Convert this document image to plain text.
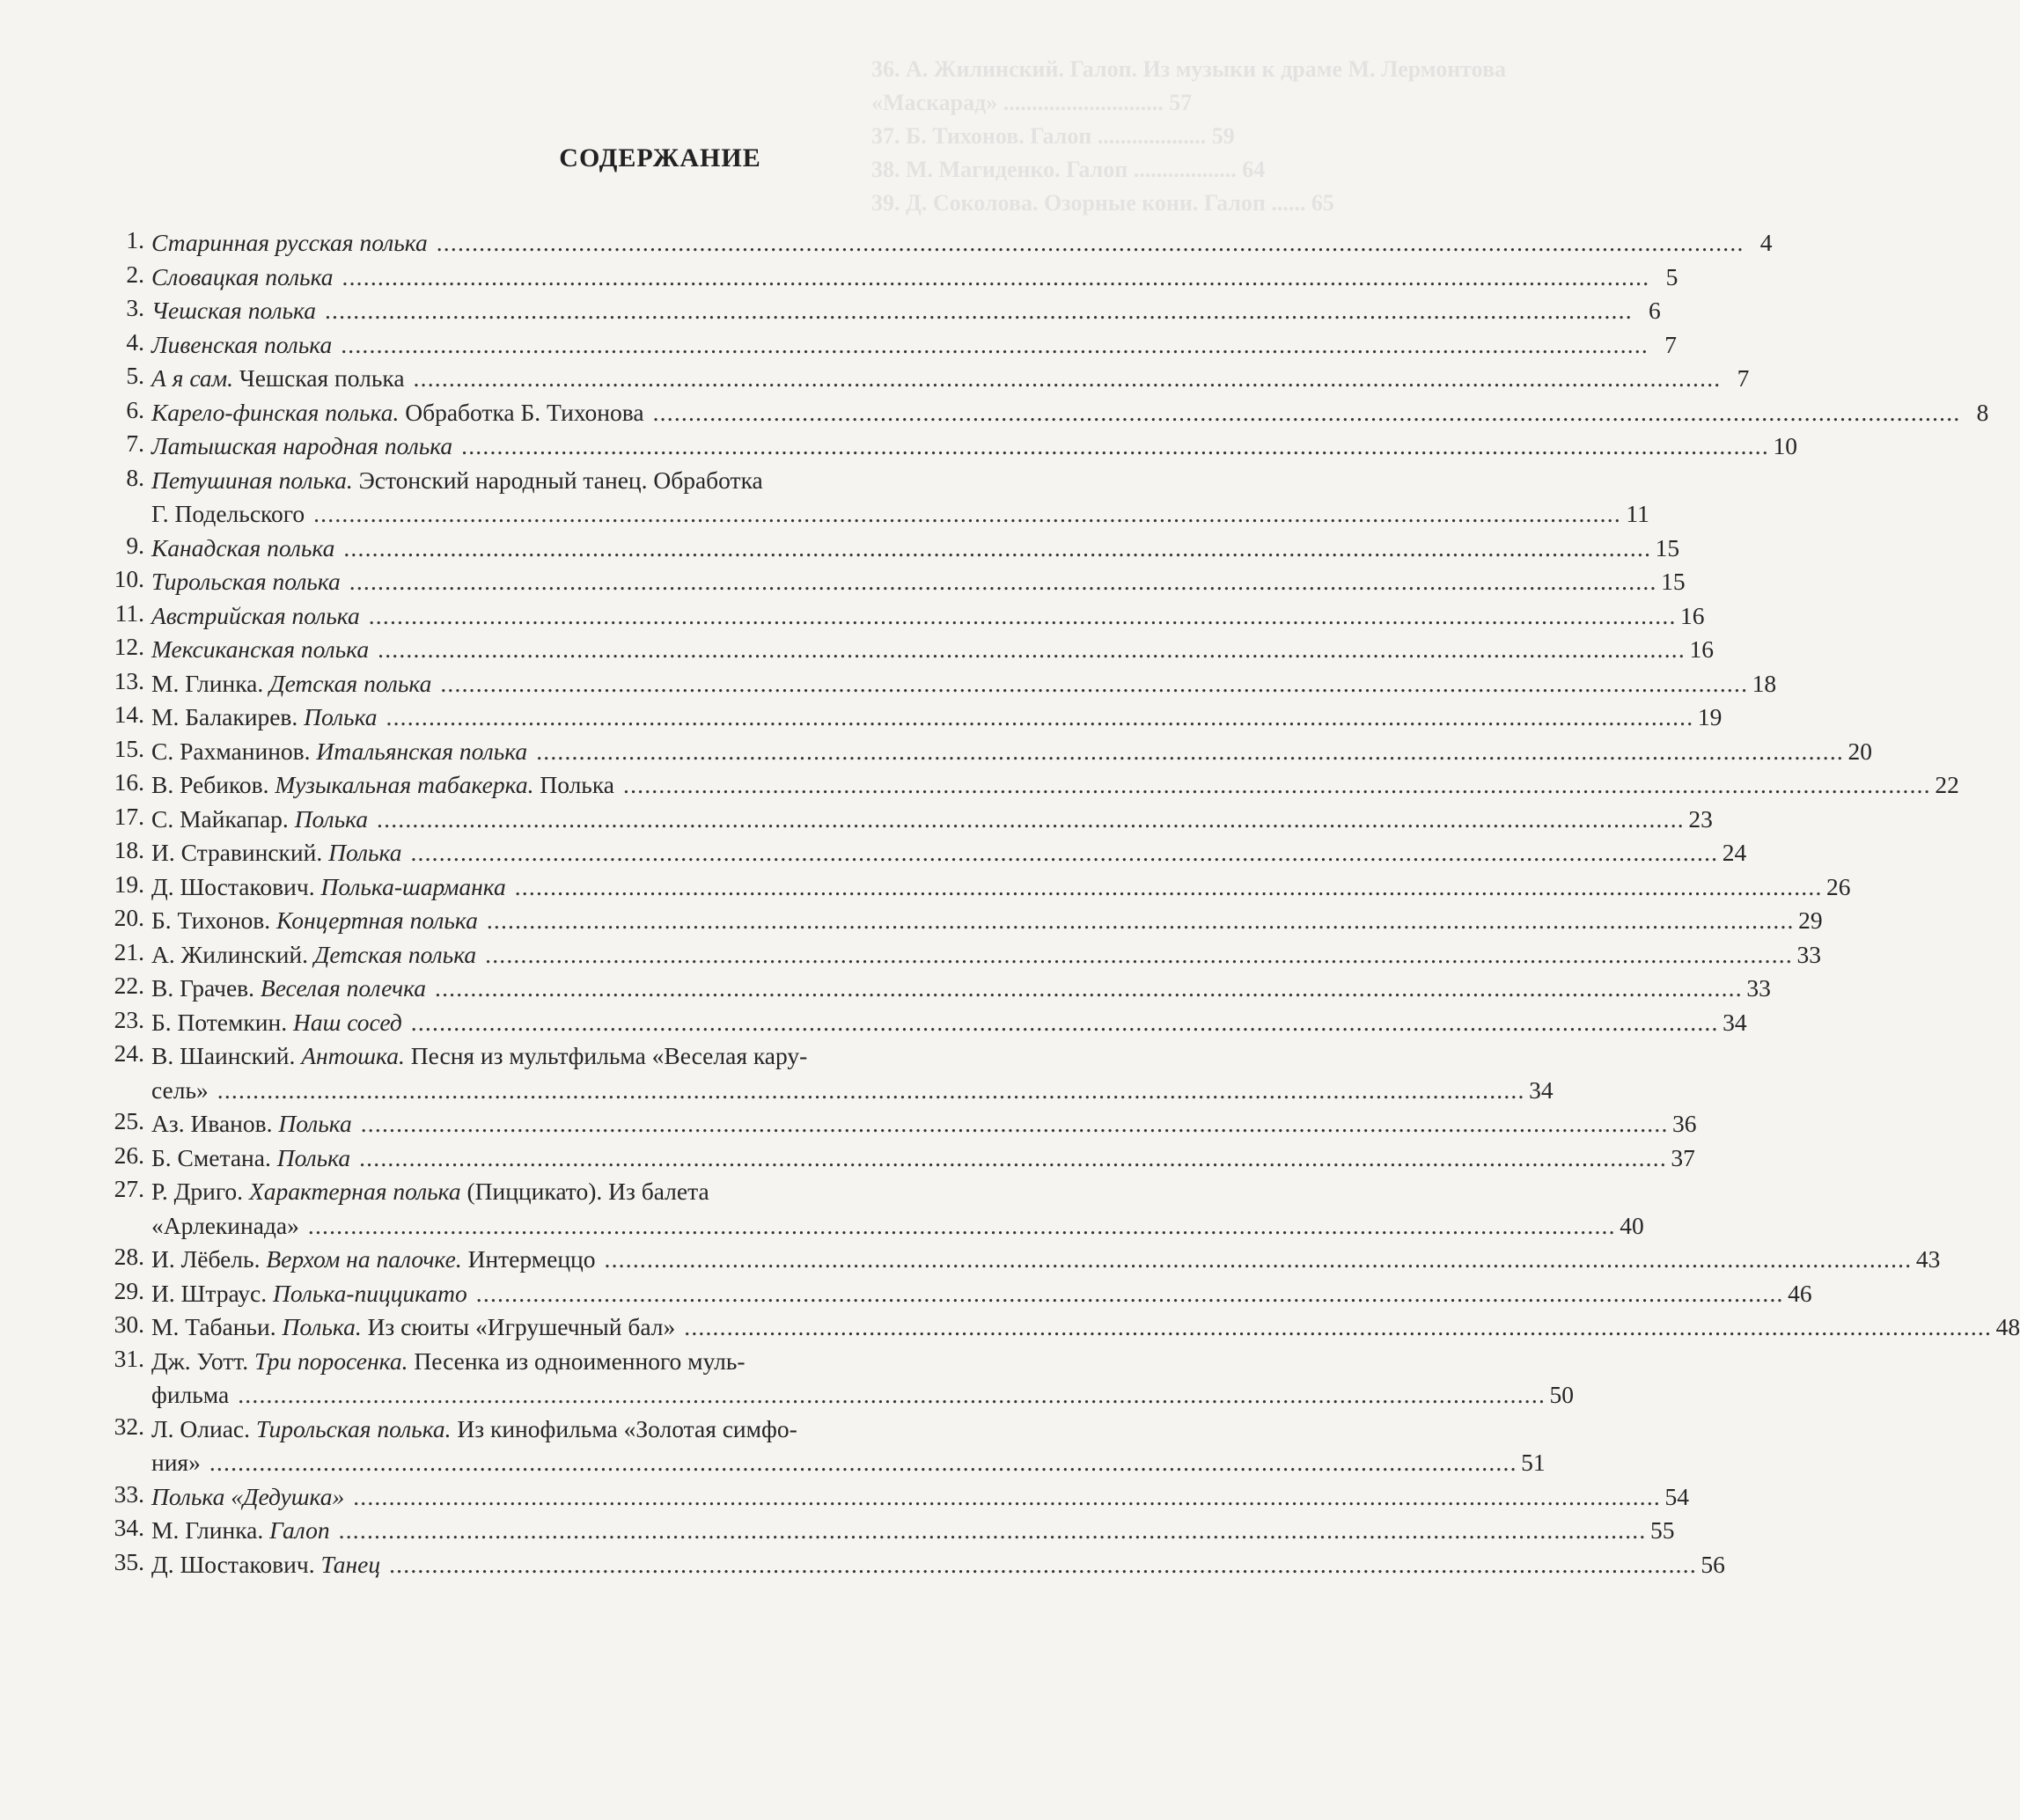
36. А. Жилинский. Галоп. Из музыки к драме М. Лермонтова
«Маскарад» ............................ 57
37. Б. Тихонов. Галоп ................... 59
38. М. Магиденко. Галоп .................. 64
39. Д. Соколова. Озорные кони. Галоп ...... 65
СОДЕРЖАНИЕ
1. Старинная русская полька .....	4
2. Словацкая полька .....	5
3. Чешская полька .....	6
4. Ливенская полька .....	7
5. А я сам. Чешская полька .....	7
6. Карело-финская полька. Обработка Б. Тихонова .....	8
7. Латышская народная полька .....	10
8. Петушиная полька. Эстонский народный танец. Обработка
Г. Подельского .....	11
9. Канадская полька .....	15
10. Тирольская полька .....	15
11. Австрийская полька .....	16
12. Мексиканская полька .....	16
13. М. Глинка. Детская полька .....	18
14. М. Балакирев. Полька .....	19
15. С. Рахманинов. Итальянская полька .....	20
16. В. Ребиков. Музыкальная табакерка. Полька .....	22
17. С. Майкапар. Полька .....	23
18. И. Стравинский. Полька .....	24
19. Д. Шостакович. Полька-шарманка .....	26
20. Б. Тихонов. Концертная полька .....	29
21. А. Жилинский. Детская полька .....	33
22. В. Грачев. Веселая полечка .....	33
23. Б. Потемкин. Наш сосед .....	34
24. В. Шаинский. Антошка. Песня из мультфильма «Веселая кару-
сель» .....	34
25. Аз. Иванов. Полька .....	36
26. Б. Сметана. Полька .....	37
27. Р. Дриго. Характерная полька (Пиццикато). Из балета
«Арлекинада» .....	40
28. И. Лёбель. Верхом на палочке. Интермеццо .....	43
29. И. Штраус. Полька-пиццикато .....	46
30. М. Табаньи. Полька. Из сюиты «Игрушечный бал» .....	48
31. Дж. Уотт. Три поросенка. Песенка из одноименного муль-
фильма .....	50
32. Л. Олиас. Тирольская полька. Из кинофильма «Золотая симфо-
ния» .....	51
33. Полька «Дедушка» .....	54
34. М. Глинка. Галоп .....	55
35. Д. Шостакович. Танец .....	56
